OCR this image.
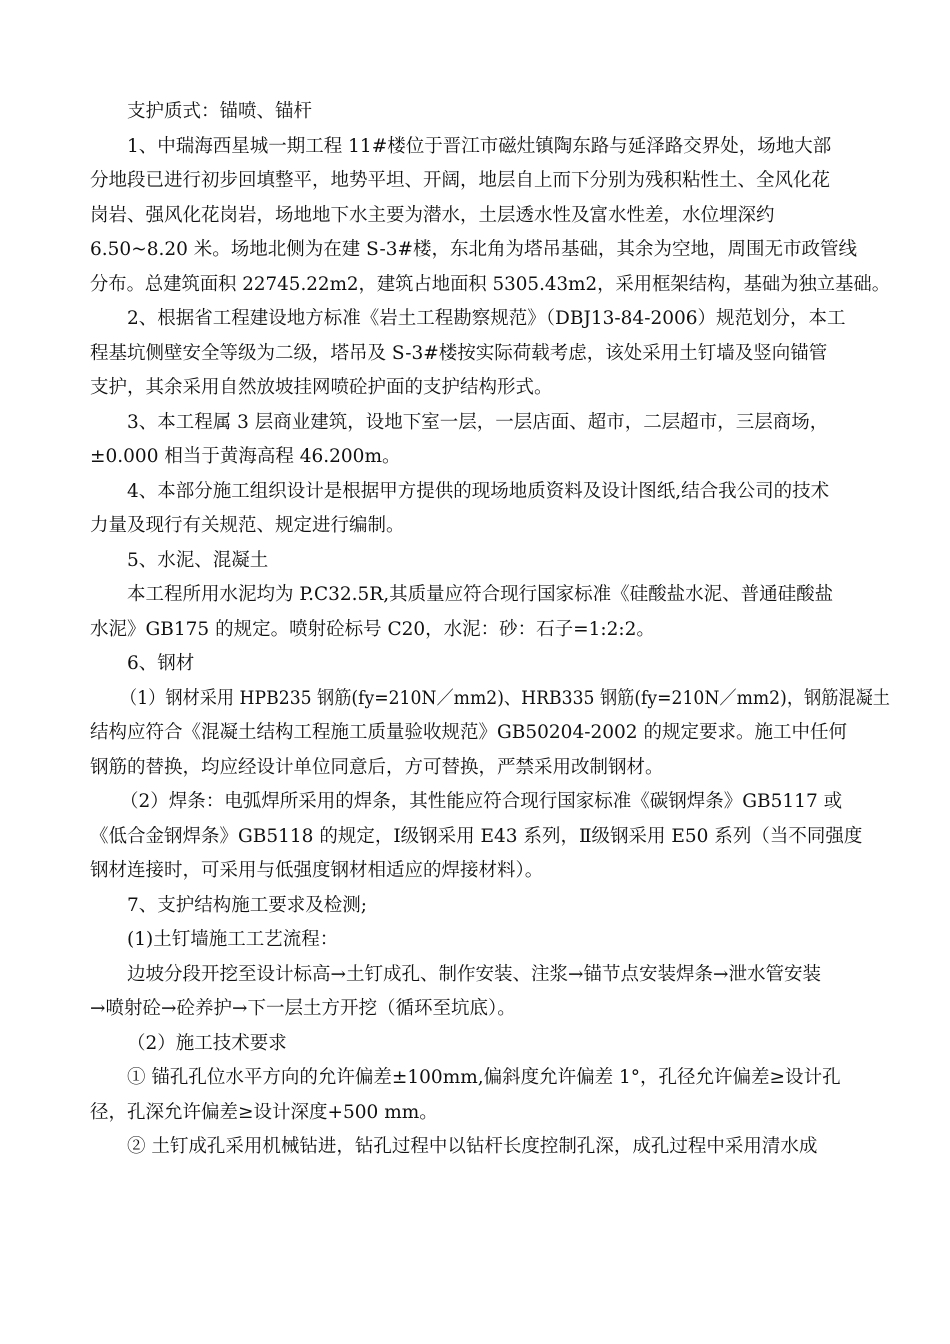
支护质式：锚喷、锚杆
1、中瑞海西星城一期工程 11#楼位于晋江市磁灶镇陶东路与延泽路交界处，场地大部
分地段已进行初步回填整平，地势平坦、开阔，地层自上而下分别为残积粘性土、全风化花
岗岩、强风化花岗岩，场地地下水主要为潜水，土层透水性及富水性差，水位埋深约
6.50~8.20 米。场地北侧为在建 S-3#楼，东北角为塔吊基础，其余为空地，周围无市政管线
分布。总建筑面积 22745.22m2，建筑占地面积 5305.43m2，采用框架结构，基础为独立基础。
2、根据省工程建设地方标准《岩土工程勘察规范》（DBJ13-84-2006）规范划分，本工
程基坑侧壁安全等级为二级，塔吊及 S-3#楼按实际荷载考虑，该处采用土钉墙及竖向锚管
支护，其余采用自然放坡挂网喷砼护面的支护结构形式。
3、本工程属 3 层商业建筑，设地下室一层，一层店面、超市，二层超市，三层商场，
±0.000 相当于黄海高程 46.200m。
4、本部分施工组织设计是根据甲方提供的现场地质资料及设计图纸,结合我公司的技术
力量及现行有关规范、规定进行编制。
5、水泥、混凝土
本工程所用水泥均为 P.C32.5R,其质量应符合现行国家标准《硅酸盐水泥、普通硅酸盐
水泥》GB175 的规定。喷射砼标号 C20，水泥：砂：石子=1:2:2。
6、钢材
（1）钢材采用 HPB235 钢筋(fy=210N／mm2)、HRB335 钢筋(fy=210N／mm2)，钢筋混凝土
结构应符合《混凝土结构工程施工质量验收规范》GB50204-2002 的规定要求。施工中任何
钢筋的替换，均应经设计单位同意后，方可替换，严禁采用改制钢材。
（2）焊条：电弧焊所采用的焊条，其性能应符合现行国家标准《碳钢焊条》GB5117 或
《低合金钢焊条》GB5118 的规定，Ⅰ级钢采用 E43 系列，Ⅱ级钢采用 E50 系列（当不同强度
钢材连接时，可采用与低强度钢材相适应的焊接材料）。
7、支护结构施工要求及检测;
(1)土钉墙施工工艺流程：
边坡分段开挖至设计标高→土钉成孔、制作安装、注浆→锚节点安装焊条→泄水管安装
→喷射砼→砼养护→下一层土方开挖（循环至坑底）。
（2）施工技术要求
① 锚孔孔位水平方向的允许偏差±100mm,偏斜度允许偏差 1°，孔径允许偏差≥设计孔
径，孔深允许偏差≥设计深度+500 mm。
② 土钉成孔采用机械钻进，钻孔过程中以钻杆长度控制孔深，成孔过程中采用清水成
